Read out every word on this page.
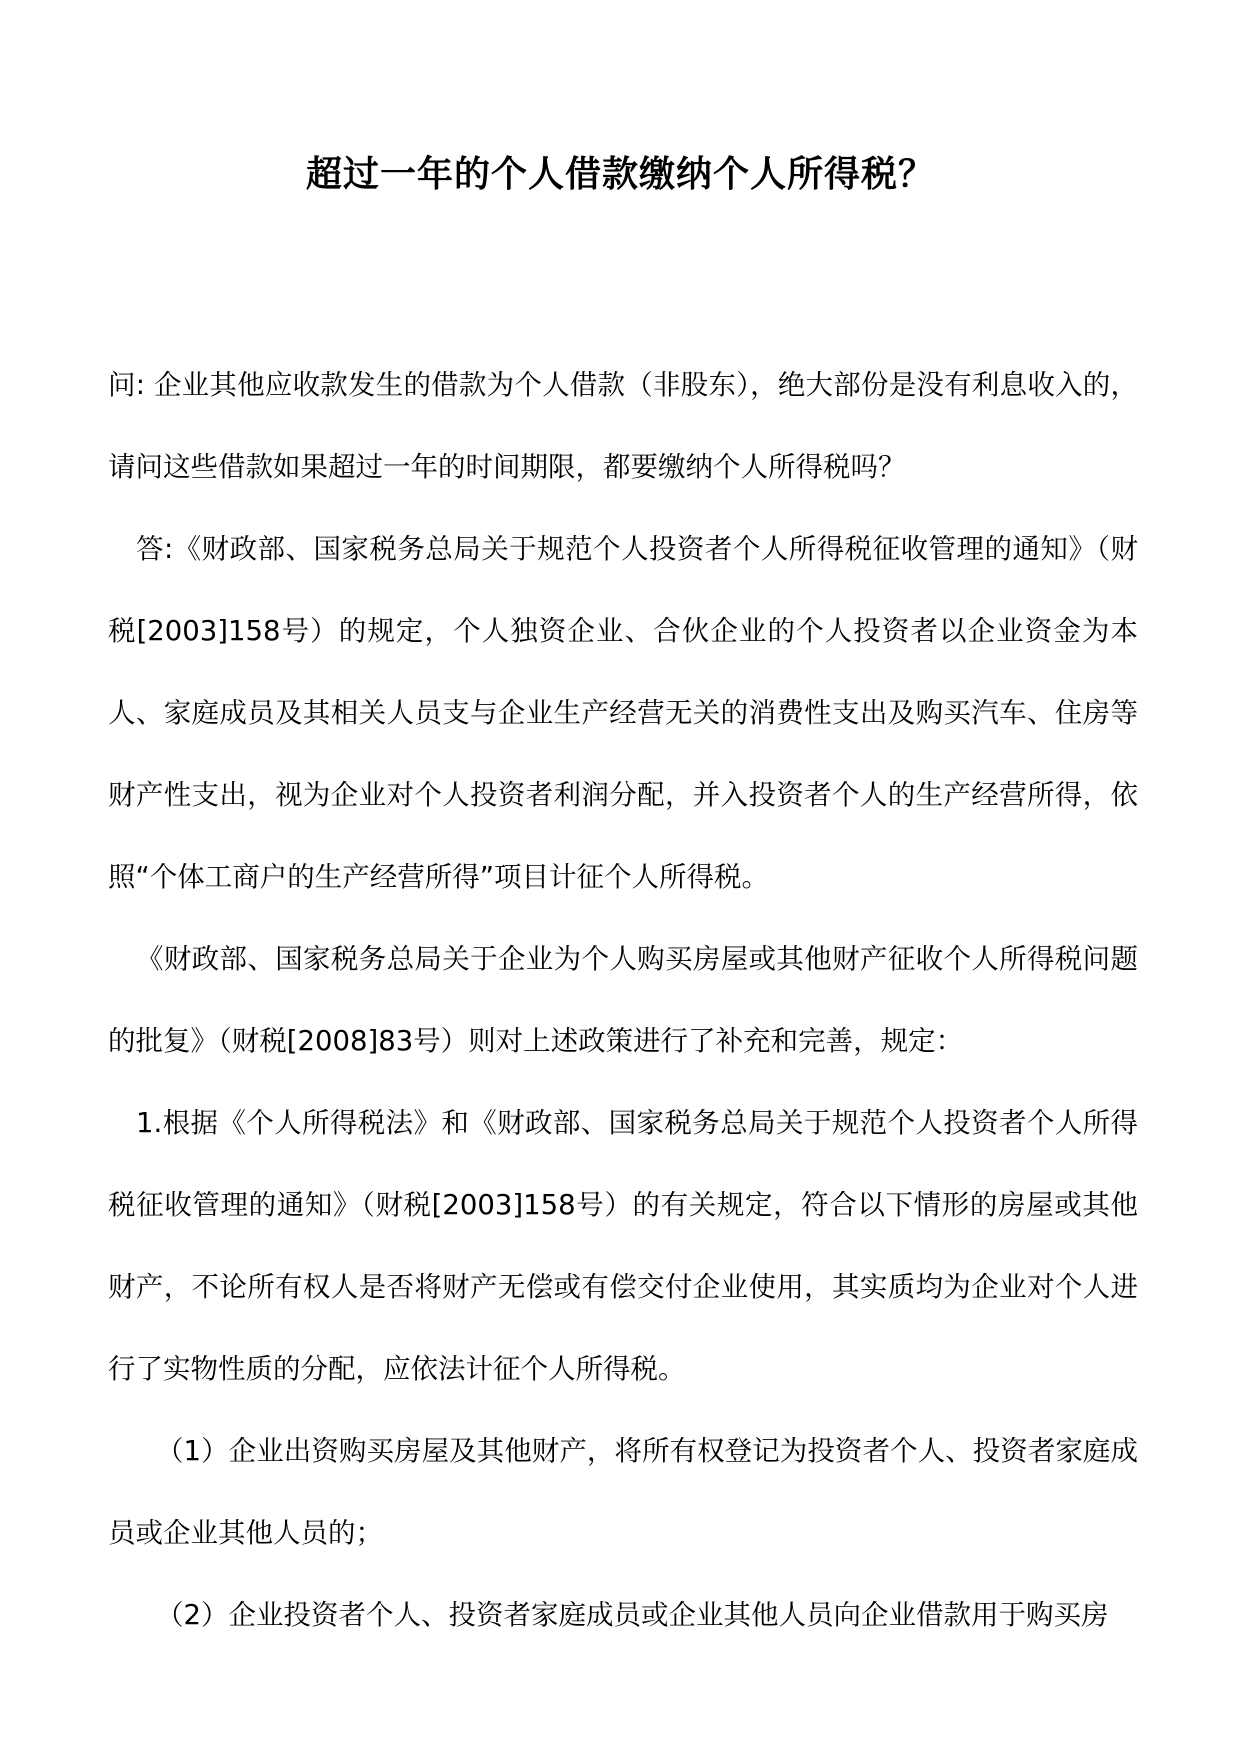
超过一年的个人借款缴纳个人所得税？

问: 企业其他应收款发生的借款为个人借款（非股东），绝大部份是没有利息收入的，请问这些借款如果超过一年的时间期限，都要缴纳个人所得税吗？

答:《财政部、国家税务总局关于规范个人投资者个人所得税征收管理的通知》（财税[2003]158号）的规定，个人独资企业、合伙企业的个人投资者以企业资金为本人、家庭成员及其相关人员支与企业生产经营无关的消费性支出及购买汽车、住房等财产性支出，视为企业对个人投资者利润分配，并入投资者个人的生产经营所得，依照“个体工商户的生产经营所得”项目计征个人所得税。

《财政部、国家税务总局关于企业为个人购买房屋或其他财产征收个人所得税问题的批复》（财税[2008]83号）则对上述政策进行了补充和完善，规定：

1.根据《个人所得税法》和《财政部、国家税务总局关于规范个人投资者个人所得税征收管理的通知》（财税[2003]158号）的有关规定，符合以下情形的房屋或其他财产，不论所有权人是否将财产无偿或有偿交付企业使用，其实质均为企业对个人进行了实物性质的分配，应依法计征个人所得税。

（1）企业出资购买房屋及其他财产，将所有权登记为投资者个人、投资者家庭成员或企业其他人员的；

（2）企业投资者个人、投资者家庭成员或企业其他人员向企业借款用于购买房
